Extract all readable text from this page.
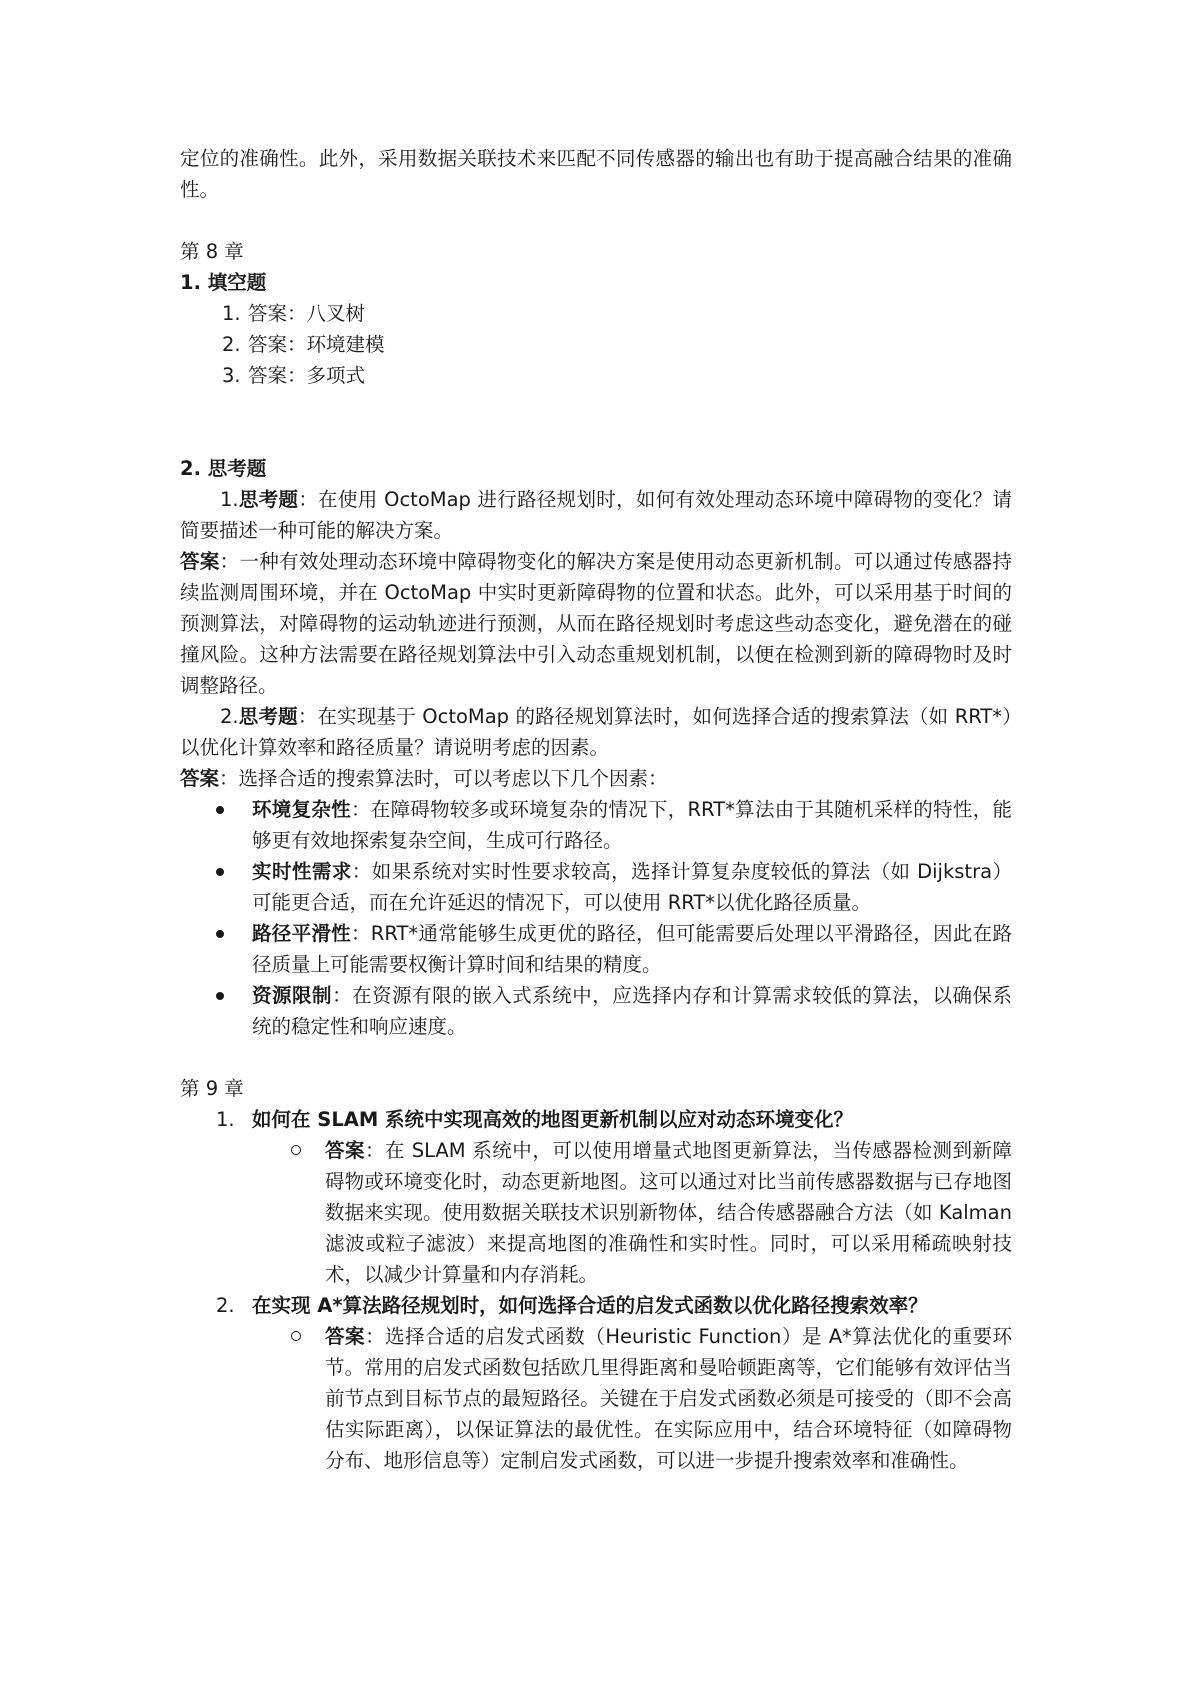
定位的准确性。此外，采用数据关联技术来匹配不同传感器的输出也有助于提高融合结果的准确性。

第 8 章

1. 填空题

1. 答案：八叉树
2. 答案：环境建模
3. 答案：多项式

2. 思考题

1.思考题：在使用 OctoMap 进行路径规划时，如何有效处理动态环境中障碍物的变化？请简要描述一种可能的解决方案。

答案：一种有效处理动态环境中障碍物变化的解决方案是使用动态更新机制。可以通过传感器持续监测周围环境，并在 OctoMap 中实时更新障碍物的位置和状态。此外，可以采用基于时间的预测算法，对障碍物的运动轨迹进行预测，从而在路径规划时考虑这些动态变化，避免潜在的碰撞风险。这种方法需要在路径规划算法中引入动态重规划机制，以便在检测到新的障碍物时及时调整路径。

2.思考题：在实现基于 OctoMap 的路径规划算法时，如何选择合适的搜索算法（如 RRT*）以优化计算效率和路径质量？请说明考虑的因素。

答案：选择合适的搜索算法时，可以考虑以下几个因素：

环境复杂性：在障碍物较多或环境复杂的情况下，RRT*算法由于其随机采样的特性，能够更有效地探索复杂空间，生成可行路径。
实时性需求：如果系统对实时性要求较高，选择计算复杂度较低的算法（如 Dijkstra）可能更合适，而在允许延迟的情况下，可以使用 RRT*以优化路径质量。
路径平滑性：RRT*通常能够生成更优的路径，但可能需要后处理以平滑路径，因此在路径质量上可能需要权衡计算时间和结果的精度。
资源限制：在资源有限的嵌入式系统中，应选择内存和计算需求较低的算法，以确保系统的稳定性和响应速度。

第 9 章

1. 如何在 SLAM 系统中实现高效的地图更新机制以应对动态环境变化？

答案：在 SLAM 系统中，可以使用增量式地图更新算法，当传感器检测到新障碍物或环境变化时，动态更新地图。这可以通过对比当前传感器数据与已存地图数据来实现。使用数据关联技术识别新物体，结合传感器融合方法（如 Kalman 滤波或粒子滤波）来提高地图的准确性和实时性。同时，可以采用稀疏映射技术，以减少计算量和内存消耗。

2. 在实现 A*算法路径规划时，如何选择合适的启发式函数以优化路径搜索效率？

答案：选择合适的启发式函数（Heuristic Function）是 A*算法优化的重要环节。常用的启发式函数包括欧几里得距离和曼哈顿距离等，它们能够有效评估当前节点到目标节点的最短路径。关键在于启发式函数必须是可接受的（即不会高估实际距离），以保证算法的最优性。在实际应用中，结合环境特征（如障碍物分布、地形信息等）定制启发式函数，可以进一步提升搜索效率和准确性。
